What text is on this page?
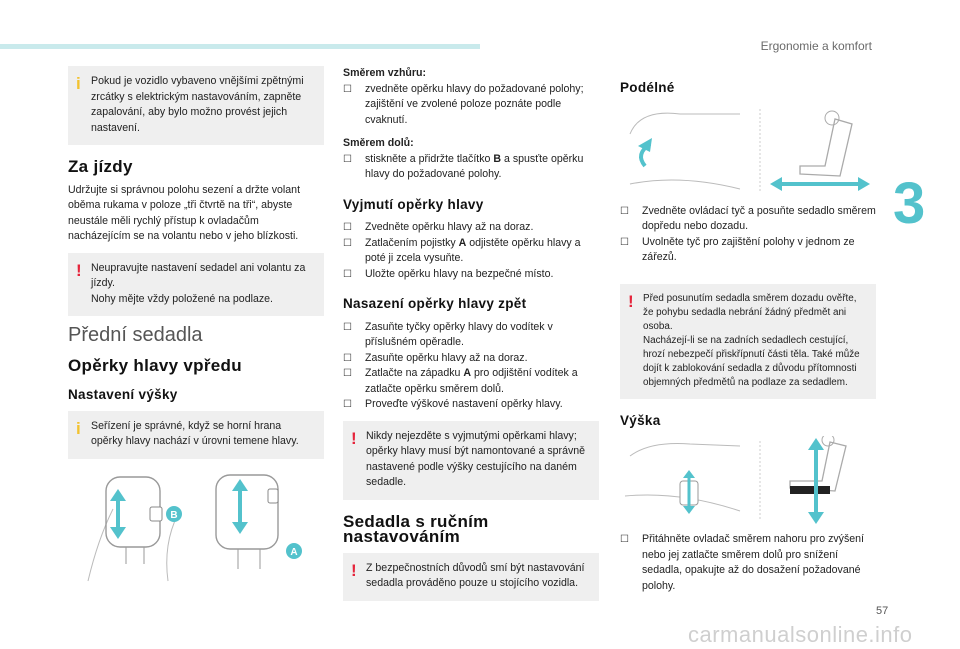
Ergonomie a komfort
3
i Pokud je vozidlo vybaveno vnějšími zpětnými zrcátky s elektrickým nastavováním, zapněte zapalování, aby bylo možno provést jejich nastavení.
Za jízdy

Udržujte si správnou polohu sezení a držte volant oběma rukama v poloze „tři čtvrtě na tři“, abyste neustále měli rychlý přístup k ovladačům nacházejícím se na volantu nebo v jeho blízkosti.

! Neupravujte nastavení sedadel ani volantu za jízdy.
Nohy mějte vždy položené na podlaze.
Přední sedadla
Opěrky hlavy vpředu
Nastavení výšky
i Seřízení je správné, když se horní hrana opěrky hlavy nachází v úrovni temene hlavy.
B
A
Směrem vzhůru:
☐ zvedněte opěrku hlavy do požadované polohy; zajištění ve zvolené poloze poznáte podle cvaknutí.
Směrem dolů:
☐ stiskněte a přidržte tlačítko B a spusťte opěrku hlavy do požadované polohy.
Vyjmutí opěrky hlavy
☐ Zvedněte opěrku hlavy až na doraz.
☐ Zatlačením pojistky A odjistěte opěrku hlavy a poté ji zcela vysuňte.
☐ Uložte opěrku hlavy na bezpečné místo.
Nasazení opěrky hlavy zpět
☐ Zasuňte tyčky opěrky hlavy do vodítek v příslušném opěradle.
☐ Zasuňte opěrku hlavy až na doraz.
☐ Zatlačte na západku A pro odjištění vodítek a zatlačte opěrku směrem dolů.
☐ Proveďte výškové nastavení opěrky hlavy.
! Nikdy nejezděte s vyjmutými opěrkami hlavy; opěrky hlavy musí být namontované a správně nastavené podle výšky cestujícího na daném sedadle.
Sedadla s ručním nastavováním
! Z bezpečnostních důvodů smí být nastavování sedadla prováděno pouze u stojícího vozidla.
Podélné
☐ Zvedněte ovládací tyč a posuňte sedadlo směrem dopředu nebo dozadu.
☐ Uvolněte tyč pro zajištění polohy v jednom ze zářezů.
! Před posunutím sedadla směrem dozadu ověřte, že pohybu sedadla nebrání žádný předmět ani osoba.
Nacházejí-li se na zadních sedadlech cestující, hrozí nebezpečí přiskřípnutí části těla. Také může dojít k zablokování sedadla z důvodu přítomnosti objemných předmětů na podlaze za sedadlem.
Výška
☐ Přitáhněte ovladač směrem nahoru pro zvýšení nebo jej zatlačte směrem dolů pro snížení sedadla, opakujte až do dosažení požadované polohy.
57
carmanualsonline.info
